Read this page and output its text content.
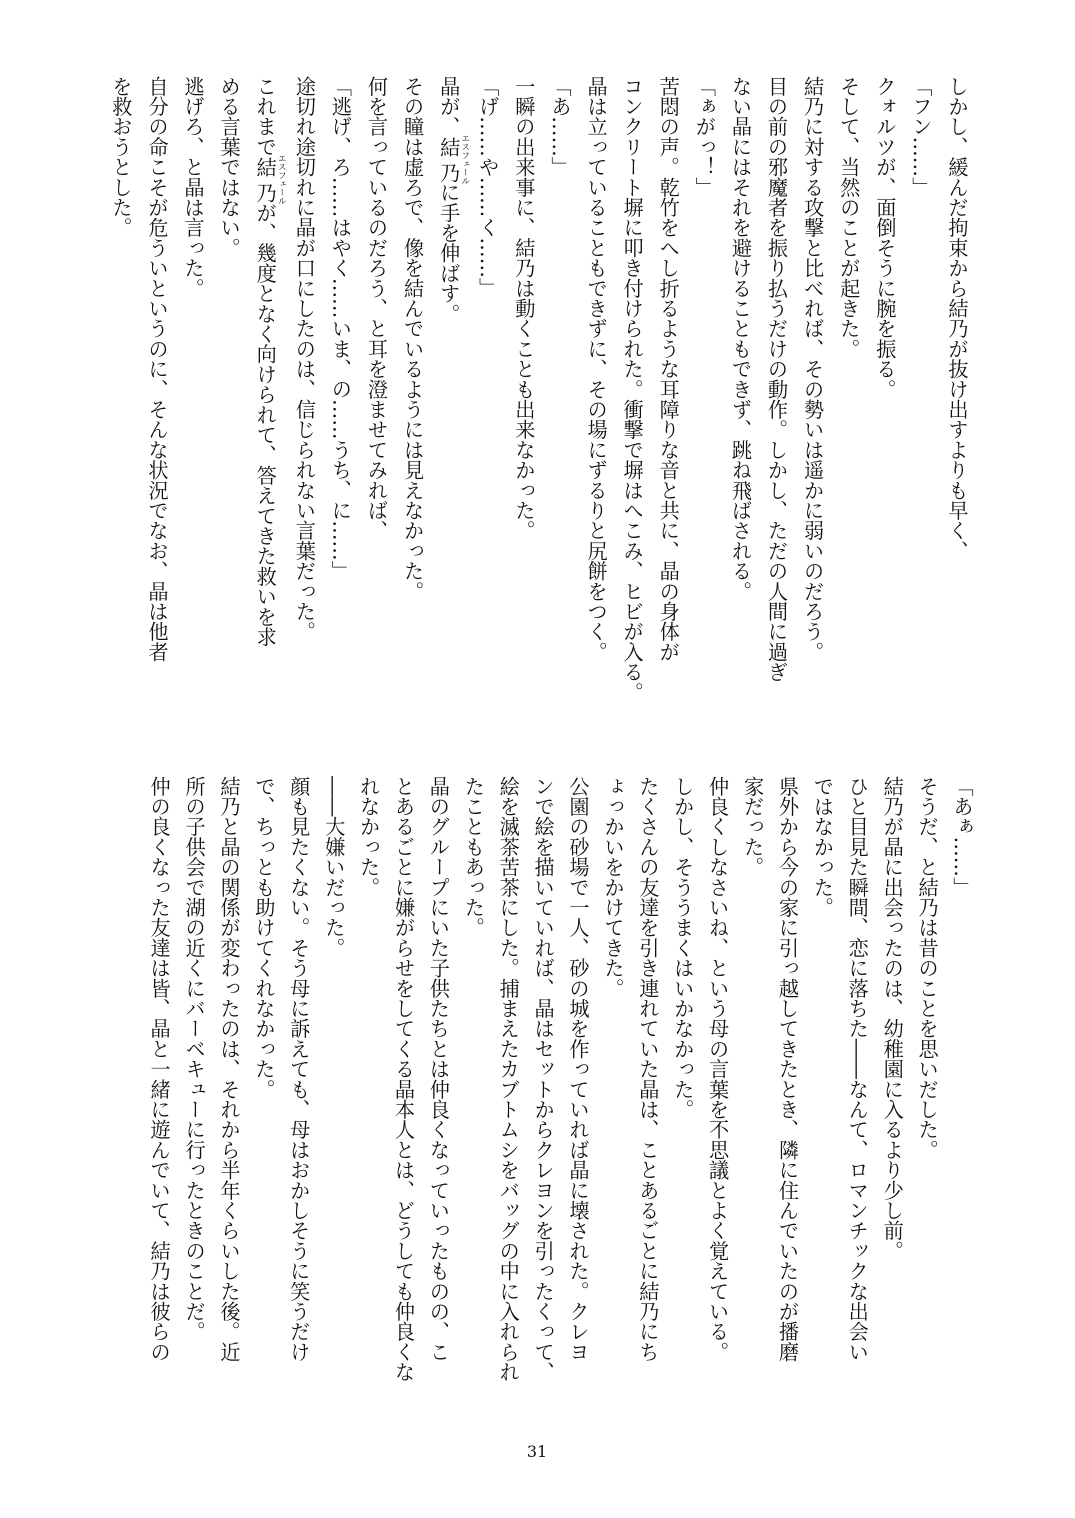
しかし、緩んだ拘束から結乃が抜け出すよりも早く、
「フン……」
クォルツが、面倒そうに腕を振る。
そして、当然のことが起きた。
結乃に対する攻撃と比べれば、その勢いは遥かに弱いのだろう。
目の前の邪魔者を振り払うだけの動作。しかし、ただの人間に過ぎ
ない晶にはそれを避けることもできず、跳ね飛ばされる。
「ぁがっ！」
苦悶の声。乾竹をへし折るような耳障りな音と共に、晶の身体が
コンクリート塀に叩き付けられた。衝撃で塀はへこみ、ヒビが入る。
晶は立っていることもできずに、その場にずるりと尻餅をつく。
「あ……」
一瞬の出来事に、結乃は動くことも出来なかった。
「げ……や……く……」
晶が、結乃 エスフェールに手を伸ばす。
その瞳は虚ろで、像を結んでいるようには見えなかった。
何を言っているのだろう、と耳を澄ませてみれば、
「逃げ、ろ……はやく……いま、の……うち、に……」
途切れ途切れに晶が口にしたのは、信じられない言葉だった。
これまで結乃 エスフェールが、幾度となく向けられて、答えてきた救いを求
める言葉ではない。
逃げろ、と晶は言った。
自分の命こそが危ういというのに、そんな状況でなお、晶は他者
を救おうとした。
「あぁ……」
そうだ、と結乃は昔のことを思いだした。
結乃が晶に出会ったのは、幼稚園に入るより少し前。
ひと目見た瞬間、恋に落ちた――なんて、ロマンチックな出会い
ではなかった。
県外から今の家に引っ越してきたとき、隣に住んでいたのが播磨
家だった。
仲良くしなさいね、という母の言葉を不思議とよく覚えている。
しかし、そううまくはいかなかった。
たくさんの友達を引き連れていた晶は、ことあるごとに結乃にち
ょっかいをかけてきた。
公園の砂場で一人、砂の城を作っていれば晶に壊された。クレヨ
ンで絵を描いていれば、晶はセットからクレヨンを引ったくって、
絵を滅茶苦茶にした。捕まえたカブトムシをバッグの中に入れられ
たこともあった。
晶のグループにいた子供たちとは仲良くなっていったものの、こ
とあるごとに嫌がらせをしてくる晶本人とは、どうしても仲良くな
れなかった。
――大嫌いだった。
顔も見たくない。そう母に訴えても、母はおかしそうに笑うだけ
で、ちっとも助けてくれなかった。
結乃と晶の関係が変わったのは、それから半年くらいした後。近
所の子供会で湖の近くにバーベキューに行ったときのことだ。
仲の良くなった友達は皆、晶と一緒に遊んでいて、結乃は彼らの
31
